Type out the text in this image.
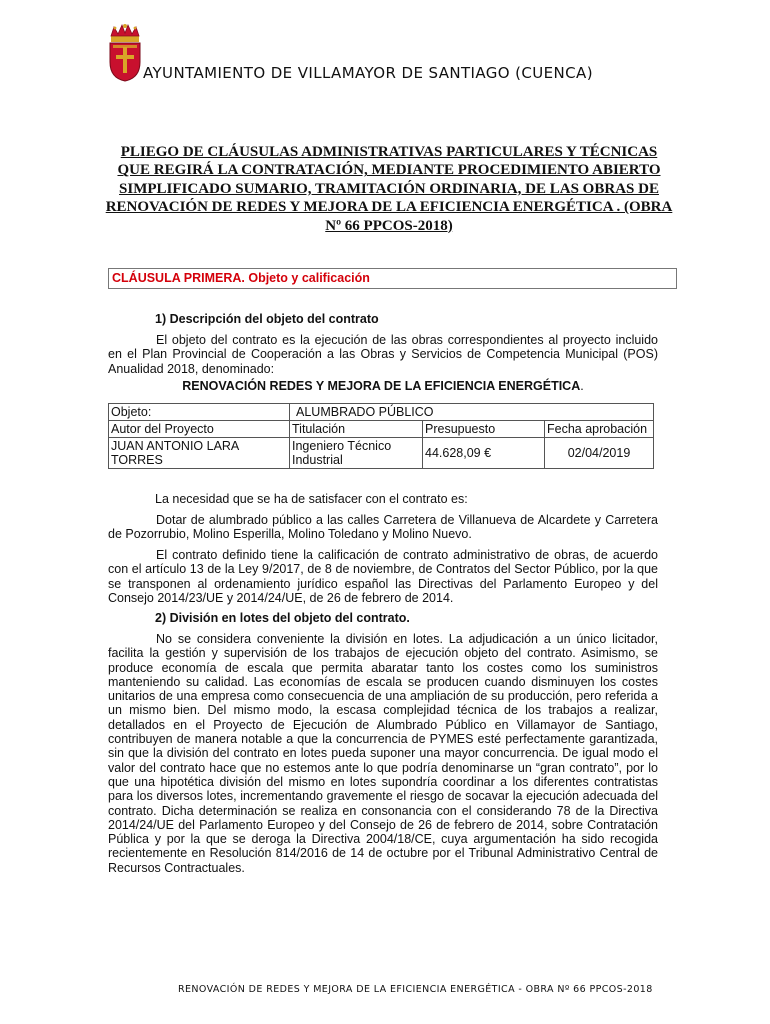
AYUNTAMIENTO DE VILLAMAYOR DE SANTIAGO (CUENCA)
PLIEGO DE CLÁUSULAS ADMINISTRATIVAS PARTICULARES Y TÉCNICAS QUE REGIRÁ LA CONTRATACIÓN, MEDIANTE PROCEDIMIENTO ABIERTO SIMPLIFICADO SUMARIO, TRAMITACIÓN ORDINARIA, DE LAS OBRAS DE RENOVACIÓN DE REDES Y MEJORA DE LA EFICIENCIA ENERGÉTICA . (OBRA Nº 66 PPCOS-2018)
CLÁUSULA PRIMERA. Objeto y calificación
1) Descripción del objeto del contrato
El objeto del contrato es la ejecución de las obras correspondientes al proyecto incluido en el Plan Provincial de Cooperación a las Obras y Servicios de Competencia Municipal (POS) Anualidad 2018, denominado:
RENOVACIÓN REDES Y MEJORA DE LA EFICIENCIA ENERGÉTICA.
Objeto:	ALUMBRADO PÚBLICO		
Autor del Proyecto	Titulación	Presupuesto	Fecha aprobación
JUAN ANTONIO LARA TORRES	Ingeniero Técnico Industrial	44.628,09 €	02/04/2019
La necesidad que se ha de satisfacer con el contrato es:
Dotar de alumbrado público a las calles Carretera de Villanueva de Alcardete y Carretera de Pozorrubio, Molino Esperilla, Molino Toledano y Molino Nuevo.
El contrato definido tiene la calificación de contrato administrativo de obras, de acuerdo con el artículo 13 de la Ley 9/2017, de 8 de noviembre, de Contratos del Sector Público, por la que se transponen al ordenamiento jurídico español las Directivas del Parlamento Europeo y del Consejo 2014/23/UE y 2014/24/UE, de 26 de febrero de 2014.
2) División en lotes del objeto del contrato.
No se considera conveniente la división en lotes. La adjudicación a un único licitador, facilita la gestión y supervisión de los trabajos de ejecución objeto del contrato. Asimismo, se produce economía de escala que permita abaratar tanto los costes como los suministros manteniendo su calidad. Las economías de escala se producen cuando disminuyen los costes unitarios de una empresa como consecuencia de una ampliación de su producción, pero referida a un mismo bien. Del mismo modo, la escasa complejidad técnica de los trabajos a realizar, detallados en el Proyecto de Ejecución de Alumbrado Público en Villamayor de Santiago, contribuyen de manera notable a que la concurrencia de PYMES esté perfectamente garantizada, sin que la división del contrato en lotes pueda suponer una mayor concurrencia. De igual modo el valor del contrato hace que no estemos ante lo que podría denominarse un “gran contrato”, por lo que una hipotética división del mismo en lotes supondría coordinar a los diferentes contratistas para los diversos lotes, incrementando gravemente el riesgo de socavar la ejecución adecuada del contrato. Dicha determinación se realiza en consonancia con el considerando 78 de la Directiva 2014/24/UE del Parlamento Europeo y del Consejo de 26 de febrero de 2014, sobre Contratación Pública y por la que se deroga la Directiva 2004/18/CE, cuya argumentación ha sido recogida recientemente en Resolución 814/2016 de 14 de octubre por el Tribunal Administrativo Central de Recursos Contractuales.
RENOVACIÓN DE REDES Y MEJORA DE LA EFICIENCIA ENERGÉTICA - OBRA Nº 66 PPCOS-2018
